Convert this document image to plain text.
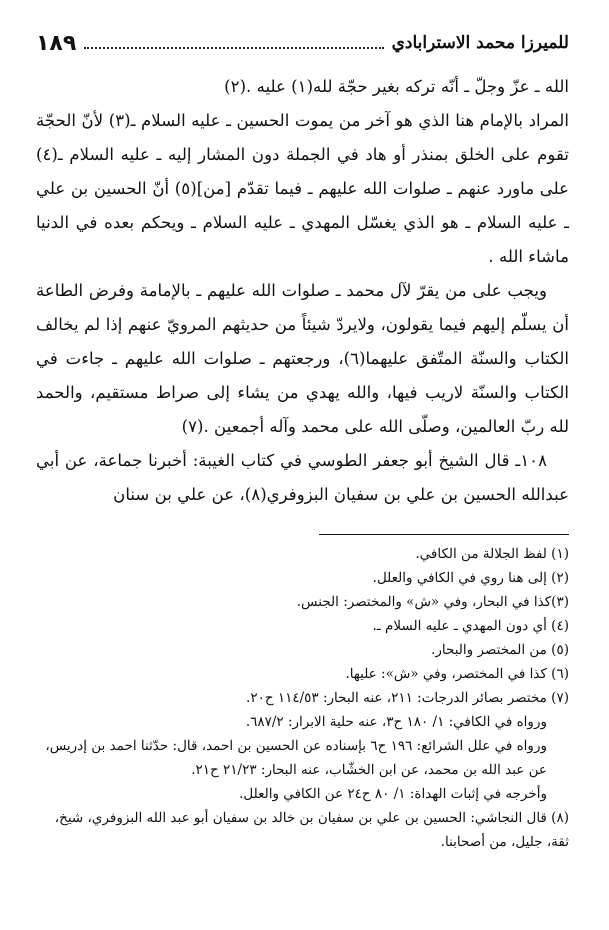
للميرزا محمد الاسترابادي
١٨٩

الله ـ عزّ وجلّ ـ أنّه تركه بغير حجّة لله(١) عليه .(٢)

المراد بالإمام هنا الذي هو آخر من يموت الحسين ـ عليه السلام ـ(٣) لأنّ الحجّة تقوم على الخلق بمنذر أو هاد في الجملة دون المشار إليه ـ عليه السلام ـ(٤) على ماورد عنهم ـ صلوات الله عليهم ـ فيما تقدّم [من](٥) أنّ الحسين بن علي ـ عليه السلام ـ هو الذي يغسّل المهدي ـ عليه السلام ـ ويحكم بعده في الدنيا ماشاء الله .

ويجب على من يقرّ لآل محمد ـ صلوات الله عليهم ـ بالإمامة وفرض الطاعة أن يسلّم إليهم فيما يقولون، ولايردّ شيئاً من حديثهم المرويّ عنهم إذا لم يخالف الكتاب والسنّة المتّفق عليهما(٦)، ورجعتهم ـ صلوات الله عليهم ـ جاءت في الكتاب والسنّة لاريب فيها، والله يهدي من يشاء إلى صراط مستقيم، والحمد لله ربّ العالمين، وصلّى الله على محمد وآله أجمعين .(٧)

١٠٨ـ قال الشيخ أبو جعفر الطوسي في كتاب الغيبة: أخبرنا جماعة، عن أبي عبدالله الحسين بن علي بن سفيان البزوفري(٨)، عن علي بن سنان

(١) لفظ الجلالة من الكافي.

(٢) إلى هنا روي في الكافي والعلل.

(٣)كذا في البحار، وفي «ش» والمختصر: الجنس.

(٤) أي دون المهدي ـ عليه السلام ـ.

(٥) من المختصر والبحار.

(٦) كذا في المختصر، وفي «ش»: عليها.

(٧) مختصر بصائر الدرجات: ٢١١، عنه البحار: ١١٤/٥٣ ح٢٠.

ورواه في الكافي: ١/ ١٨٠ ح٣، عنه حلية الابرار: ٦٨٧/٢.

ورواه في علل الشرائع: ١٩٦ ح٦ بإسناده عن الحسين بن احمد، قال: حدّثنا احمد بن إدريس، عن عبد الله بن محمد، عن ابن الخشّاب، عنه البحار: ٢١/٢٣ ح٢١.

وأخرجه في إثبات الهداة: ١/ ٨٠ ح٢٤ عن الكافي والعلل.

(٨) قال النجاشي: الحسين بن علي بن سفيان بن خالد بن سفيان أبو عبد الله البزوفري، شيخ، ثقة، جليل، من أصحابنا.
